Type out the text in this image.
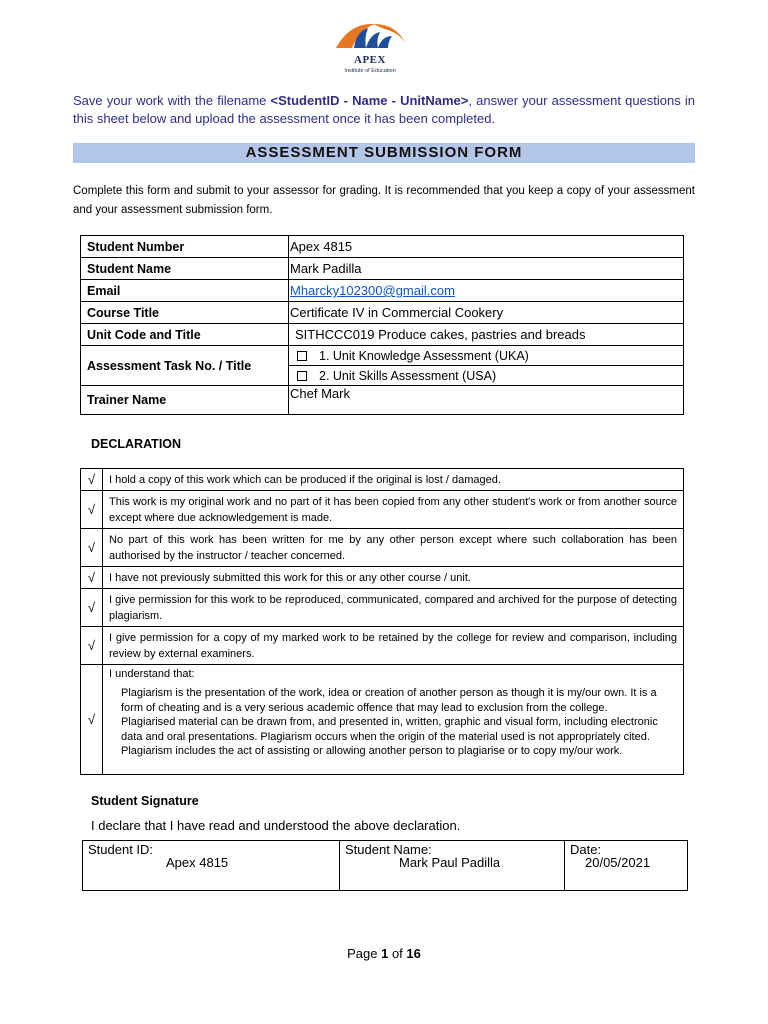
APEX
Institute of Education
Save your work with the filename <StudentID - Name - UnitName>, answer your assessment questions in this sheet below and upload the assessment once it has been completed.
ASSESSMENT SUBMISSION FORM
Complete this form and submit to your assessor for grading. It is recommended that you keep a copy of your assessment and your assessment submission form.
Student Number	Apex 4815
Student Name	Mark Padilla
Email	Mharcky102300@gmail.com
Course Title	Certificate IV in Commercial Cookery
Unit Code and Title	SITHCCC019 Produce cakes, pastries and breads
Assessment Task No. / Title	1. Unit Knowledge Assessment (UKA)
	2. Unit Skills Assessment (USA)
Trainer Name	Chef Mark
DECLARATION
√	I hold a copy of this work which can be produced if the original is lost / damaged.
√	This work is my original work and no part of it has been copied from any other student's work or from another source except where due acknowledgement is made.
√	No part of this work has been written for me by any other person except where such collaboration has been authorised by the instructor / teacher concerned.
√	I have not previously submitted this work for this or any other course / unit.
√	I give permission for this work to be reproduced, communicated, compared and archived for the purpose of detecting plagiarism.
√	I give permission for a copy of my marked work to be retained by the college for review and comparison, including review by external examiners.
√	I understand that:
Plagiarism is the presentation of the work, idea or creation of another person as though it is my/our own. It is a form of cheating and is a very serious academic offence that may lead to exclusion from the college. Plagiarised material can be drawn from, and presented in, written, graphic and visual form, including electronic data and oral presentations. Plagiarism occurs when the origin of the material used is not appropriately cited. Plagiarism includes the act of assisting or allowing another person to plagiarise or to copy my/our work.
Student Signature
I declare that I have read and understood the above declaration.
Student ID:
Apex 4815

Student Name:
Mark Paul Padilla

Date:
20/05/2021
Page 1 of 16
